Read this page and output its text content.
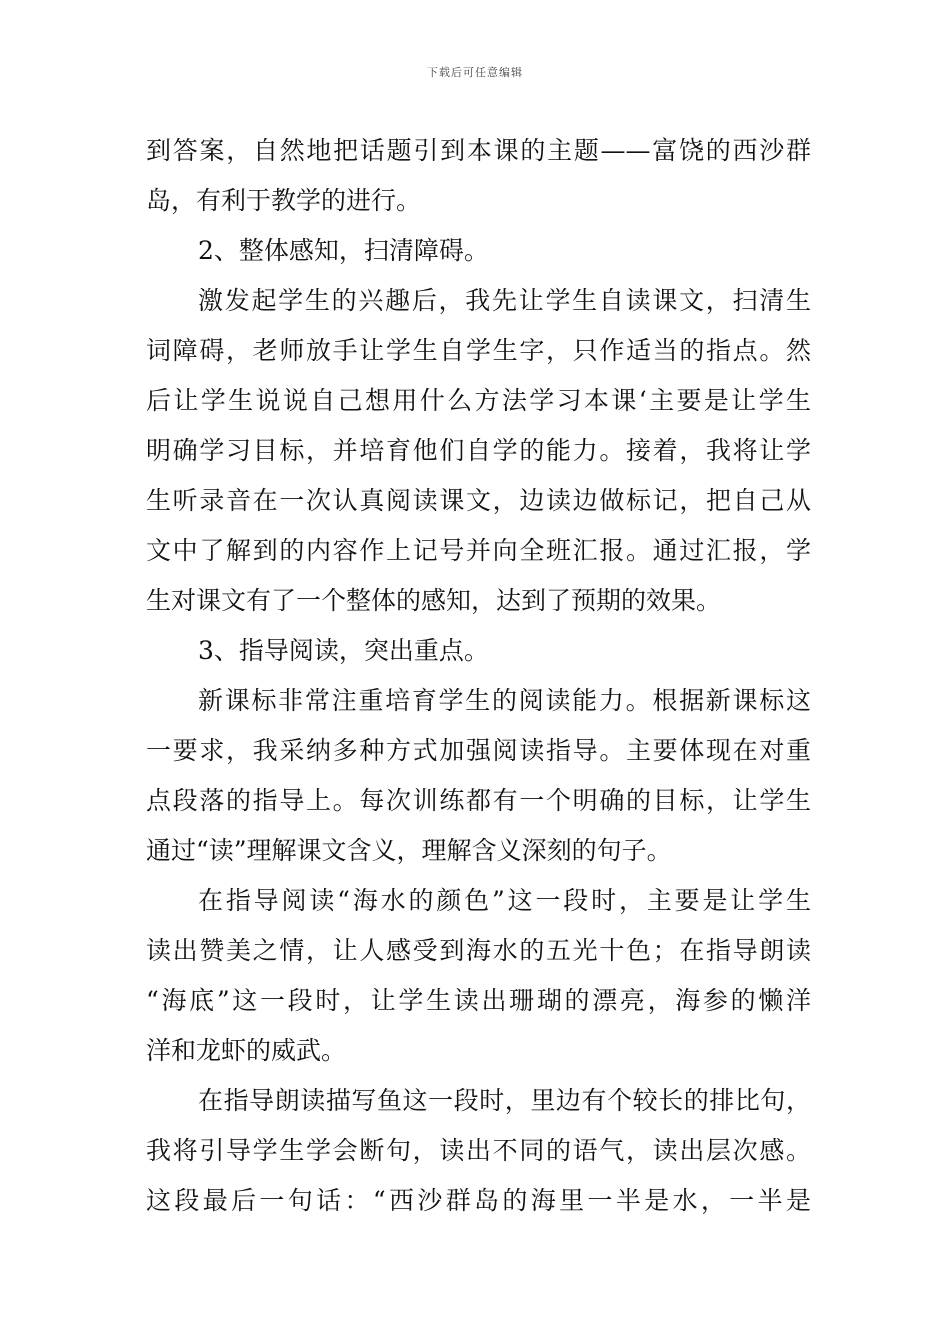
下载后可任意编辑
到答案，自然地把话题引到本课的主题——富饶的西沙群
岛，有利于教学的进行。
2、整体感知，扫清障碍。
激发起学生的兴趣后，我先让学生自读课文，扫清生
词障碍，老师放手让学生自学生字，只作适当的指点。然
后让学生说说自己想用什么方法学习本课‘主要是让学生
明确学习目标，并培育他们自学的能力。接着，我将让学
生听录音在一次认真阅读课文，边读边做标记，把自己从
文中了解到的内容作上记号并向全班汇报。通过汇报，学
生对课文有了一个整体的感知，达到了预期的效果。
3、指导阅读，突出重点。
新课标非常注重培育学生的阅读能力。根据新课标这
一要求，我采纳多种方式加强阅读指导。主要体现在对重
点段落的指导上。每次训练都有一个明确的目标，让学生
通过“读”理解课文含义，理解含义深刻的句子。
在指导阅读“海水的颜色”这一段时，主要是让学生
读出赞美之情，让人感受到海水的五光十色；在指导朗读
“海底”这一段时，让学生读出珊瑚的漂亮，海参的懒洋
洋和龙虾的威武。
在指导朗读描写鱼这一段时，里边有个较长的排比句，
我将引导学生学会断句，读出不同的语气，读出层次感。
这段最后一句话：“西沙群岛的海里一半是水，一半是
